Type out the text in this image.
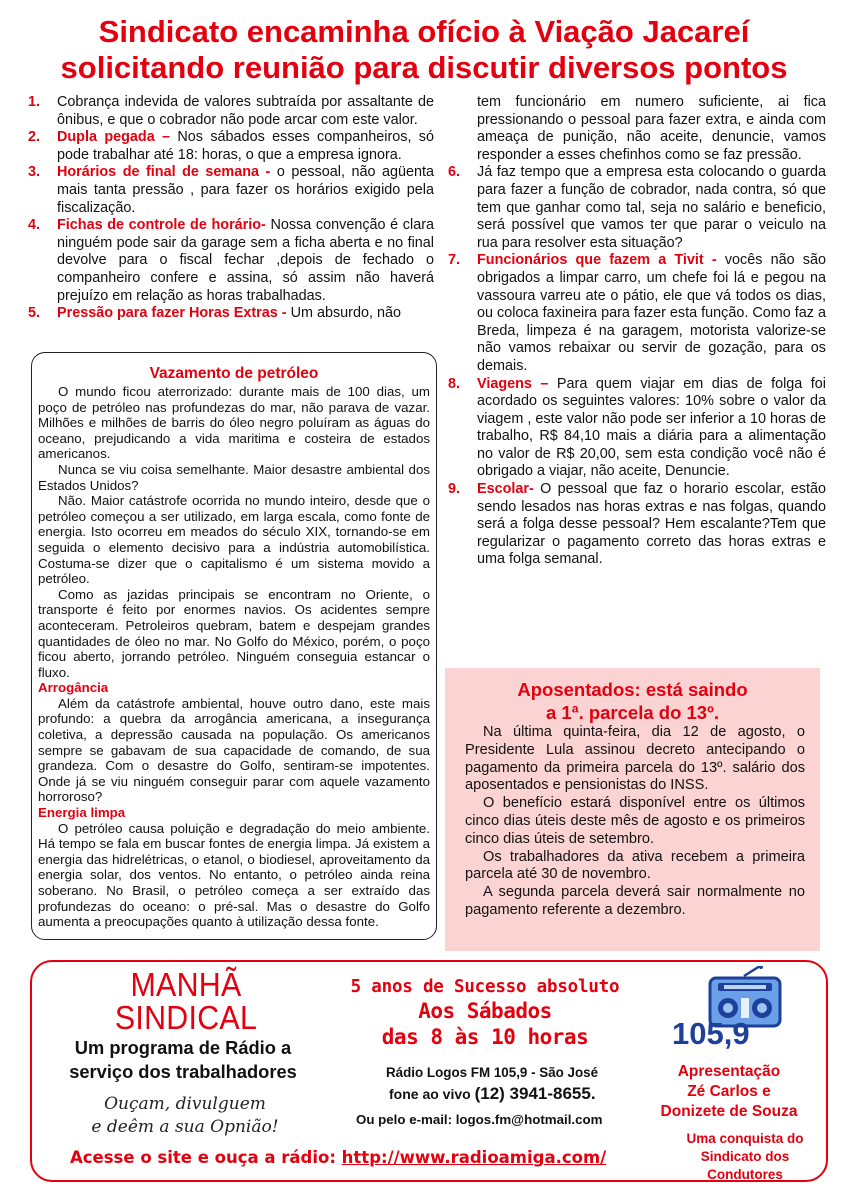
Sindicato encaminha ofício à Viação Jacareí
solicitando reunião para discutir diversos pontos
1. Cobrança indevida de valores subtraída por assaltante de ônibus, e que o cobrador não pode arcar com este valor.
2. Dupla pegada – Nos sábados esses companheiros, só pode trabalhar até 18: horas, o que a empresa ignora.
3. Horários de final de semana - o pessoal, não agüenta mais tanta pressão , para fazer os horários exigido pela fiscalização.
4. Fichas de controle de horário- Nossa convenção é clara ninguém pode sair da garage sem a ficha aberta e no final devolve para o fiscal fechar ,depois de fechado o companheiro confere e assina, só assim não haverá prejuízo em relação as horas trabalhadas.
5. Pressão para fazer Horas Extras - Um absurdo, não
tem funcionário em numero suficiente, ai fica pressionando o pessoal para fazer extra, e ainda com ameaça de punição, não aceite, denuncie, vamos responder a esses chefinhos como se faz pressão.
6. Já faz tempo que a empresa esta colocando o guarda para fazer a função de cobrador, nada contra, só que tem que ganhar como tal, seja no salário e beneficio, será possível que vamos ter que parar o veiculo na rua para resolver esta situação?
7. Funcionários que fazem a Tivit - vocês não são obrigados a limpar carro, um chefe foi lá e pegou na vassoura varreu ate o pátio, ele que vá todos os dias, ou coloca faxineira para fazer esta função. Como faz a Breda, limpeza é na garagem, motorista valorize-se não vamos rebaixar ou servir de gozação, para os demais.
8. Viagens – Para quem viajar em dias de folga foi acordado os seguintes valores: 10% sobre o valor da viagem , este valor não pode ser inferior a 10 horas de trabalho, R$ 84,10 mais a diária para a alimentação no valor de R$ 20,00, sem esta condição você não é obrigado a viajar, não aceite, Denuncie.
9. Escolar- O pessoal que faz o horario escolar, estão sendo lesados nas horas extras e nas folgas, quando será a folga desse pessoal? Hem escalante?Tem que regularizar o pagamento correto das horas extras e uma folga semanal.
Vazamento de petróleo

O mundo ficou aterrorizado: durante mais de 100 dias, um poço de petróleo nas profundezas do mar, não parava de vazar. Milhões e milhões de barris do óleo negro poluíram as águas do oceano, prejudicando a vida maritima e costeira de estados americanos.

Nunca se viu coisa semelhante. Maior desastre ambiental dos Estados Unidos?

Não. Maior catástrofe ocorrida no mundo inteiro, desde que o petróleo começou a ser utilizado, em larga escala, como fonte de energia. Isto ocorreu em meados do século XIX, tornando-se em seguida o elemento decisivo para a indústria automobilística. Costuma-se dizer que o capitalismo é um sistema movido a petróleo.

Como as jazidas principais se encontram no Oriente, o transporte é feito por enormes navios. Os acidentes sempre aconteceram. Petroleiros quebram, batem e despejam grandes quantidades de óleo no mar. No Golfo do México, porém, o poço ficou aberto, jorrando petróleo. Ninguém conseguia estancar o fluxo.

Arrogância

Além da catástrofe ambiental, houve outro dano, este mais profundo: a quebra da arrogância americana, a insegurança coletiva, a depressão causada na população. Os americanos sempre se gabavam de sua capacidade de comando, de sua grandeza. Com o desastre do Golfo, sentiram-se impotentes. Onde já se viu ninguém conseguir parar com aquele vazamento horroroso?

Energia limpa

O petróleo causa poluição e degradação do meio ambiente. Há tempo se fala em buscar fontes de energia limpa. Já existem a energia das hidrelétricas, o etanol, o biodiesel, aproveitamento da energia solar, dos ventos. No entanto, o petróleo ainda reina soberano. No Brasil, o petróleo começa a ser extraído das profundezas do oceano: o pré-sal. Mas o desastre do Golfo aumenta a preocupações quanto à utilização dessa fonte.

Aposentados: está saindo
a 1ª. parcela do 13º.

Na última quinta-feira, dia 12 de agosto, o Presidente Lula assinou decreto antecipando o pagamento da primeira parcela do 13º. salário dos aposentados e pensionistas do INSS.

O benefício estará disponível entre os últimos cinco dias úteis deste mês de agosto e os primeiros cinco dias úteis de setembro.

Os trabalhadores da ativa recebem a primeira parcela até 30 de novembro.

A segunda parcela deverá sair normalmente no pagamento referente a dezembro.

MANHÃ
SINDICAL
Um programa de Rádio a
serviço dos trabalhadores
Ouçam, divulguem
e deêm a sua Opnião!
5 anos de Sucesso absoluto
Aos Sábados
das 8 às 10 horas
Rádio Logos FM 105,9 - São José
fone ao vivo (12) 3941-8655.
Ou pelo e-mail: logos.fm@hotmail.com
Acesse o site e ouça a rádio: http://www.radioamiga.com/
105,9
Apresentação
Zé Carlos e
Donizete de Souza
Uma conquista do
Sindicato dos Condutores
